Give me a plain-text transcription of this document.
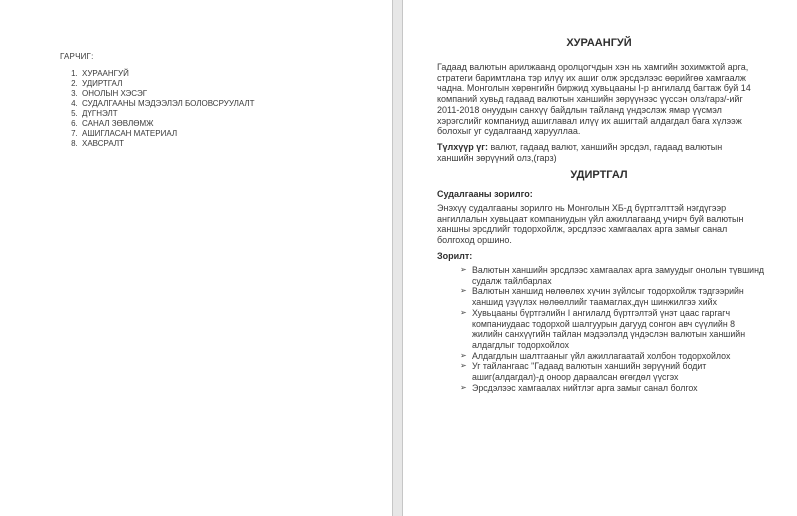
ГАРЧИГ:
1. ХУРААНГУЙ
2. УДИРТГАЛ
3. ОНОЛЫН ХЭСЭГ
4. СУДАЛГААНЫ МЭДЭЭЛЭЛ БОЛОВСРУУЛАЛТ
5. ДҮГНЭЛТ
6. САНАЛ ЗӨВЛӨМЖ
7. АШИГЛАСАН МАТЕРИАЛ
8. ХАВСРАЛТ
ХУРААНГУЙ
Гадаад валютын арилжаанд оролцогчдын хэн нь хамгийн зохимжтой арга, стратеги баримтлана тэр илүү их ашиг олж эрсдэлээс өөрийгөө хамгаалж чадна. Монголын хөрөнгийн биржид хувьцааны I-р ангилалд багтаж буй 14 компаний хувьд гадаад валютын ханшийн зөрүүнээс үүссэн олз/гарз/-ийг 2011-2018 онуудын санхүү байдлын тайланд үндэслэж ямар үүсмэл хэрэгслийг компаниуд ашиглавал илүү их ашигтай алдагдал бага хүлээж болохыг уг судалгаанд харууллаа.
Түлхүүр үг: валют, гадаад валют, ханшийн эрсдэл, гадаад валютын ханшийн зөрүүний олз,(гарз)
УДИРТГАЛ
Судалгааны зорилго:
Энэхүү судалгааны зорилго нь Монголын ХБ-д бүртгэлттэй нэгдүгээр ангиллалын хувьцаат компаниудын үйл ажиллагаанд учирч буй валютын ханшны эрсдлийг тодорхойлж, эрсдлээс хамгаалах арга замыг санал болгоход оршино.
Зорилт:
➢ Валютын ханшийн эрсдлээс хамгаалах арга замуудыг онолын түвшинд судалж тайлбарлах
➢ Валютын ханшид нөлөөлөх хүчин зүйлсыг тодорхойлж тэдгээрийн ханшид үзүүлэх нөлөөллийг таамаглах,дүн шинжилгээ хийх
➢ Хувьцааны бүртгэлийн I ангилалд бүртгэлтэй үнэт цаас гаргагч компаниудаас тодорхой шалгуурын дагууд сонгон авч сүүлийн 8 жилийн санхүүгийн тайлан мэдээлэлд үндэслэн валютын ханшийн алдагдлыг тодорхойлох
➢ Алдагдлын шалтгааныг үйл ажиллагаатай холбон тодорхойлох
➢ Уг тайлангаас "Гадаад валютын ханшийн зөрүүний бодит ашиг(алдагдал)-д оноор дараалсан өгөгдөл үүсгэх
➢ Эрсдэлээс хамгаалах нийтлэг арга замыг санал болгох
